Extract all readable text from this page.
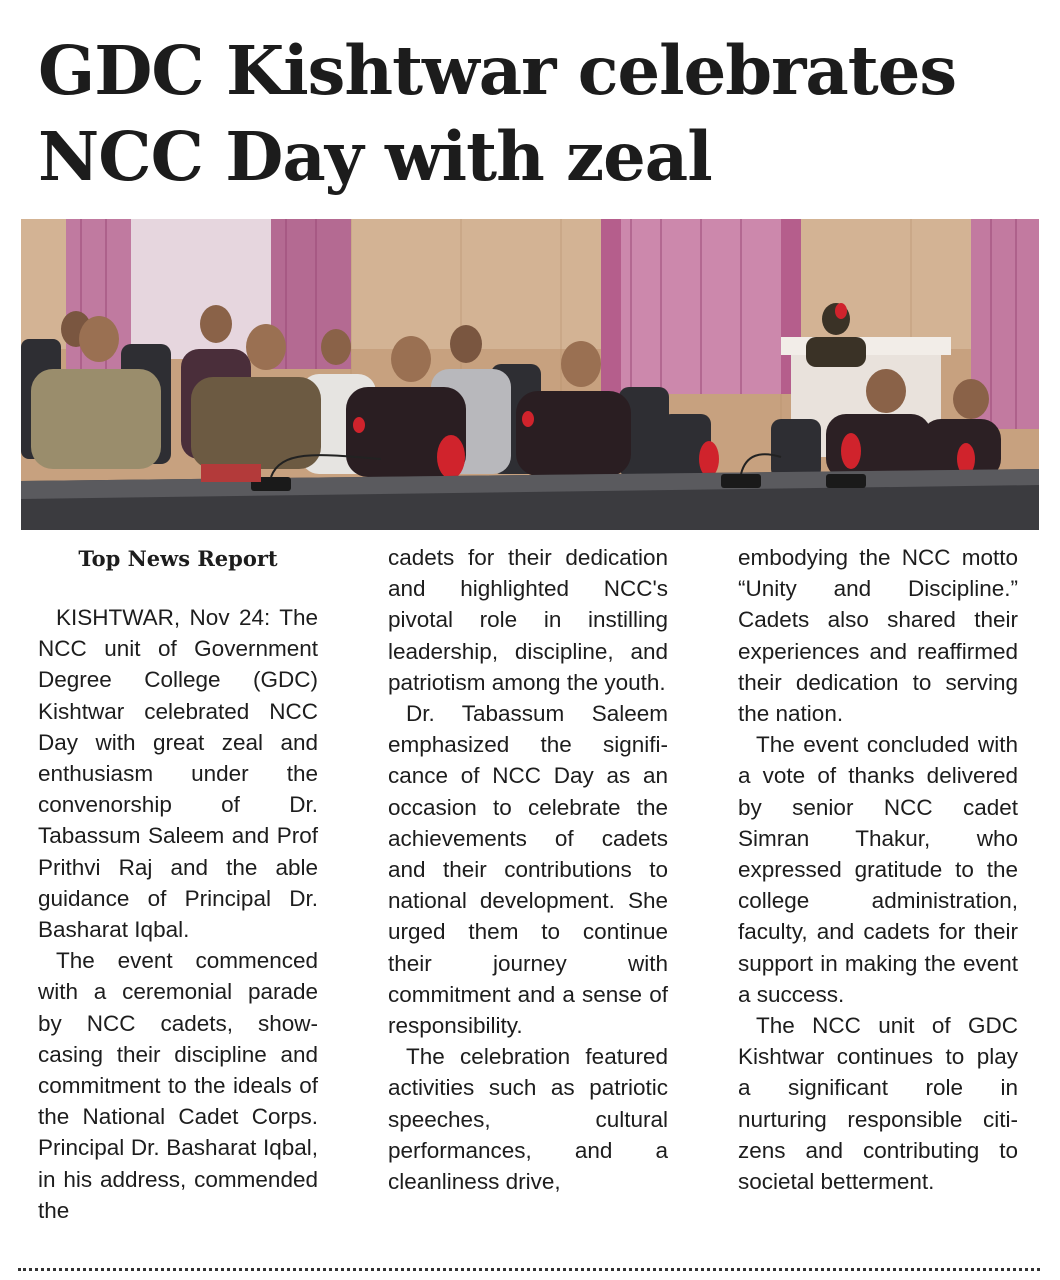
GDC Kishtwar celebrates
NCC Day with zeal
Top News Report

KISHTWAR, Nov 24: The NCC unit of Government Degree College (GDC) Kishtwar celebrated NCC Day with great zeal and enthusiasm under the convenorship of Dr. Tabassum Saleem and Prof Prithvi Raj and the able guidance of Principal Dr. Basharat Iqbal.

The event commenced with a ceremonial parade by NCC cadets, showcasing their discipline and commitment to the ideals of the National Cadet Corps. Principal Dr. Basharat Iqbal, in his address, commended the

cadets for their dedication and highlighted NCC's pivotal role in instilling leadership, discipline, and patriotism among the youth.

Dr. Tabassum Saleem emphasized the significance of NCC Day as an occasion to celebrate the achievements of cadets and their contributions to national development. She urged them to continue their journey with commitment and a sense of responsibility.

The celebration featured activities such as patriotic speeches, cultural performances, and a cleanliness drive,

embodying the NCC motto “Unity and Discipline.” Cadets also shared their experiences and reaffirmed their dedication to serving the nation.

The event concluded with a vote of thanks delivered by senior NCC cadet Simran Thakur, who expressed gratitude to the college administration, faculty, and cadets for their support in making the event a success.

The NCC unit of GDC Kishtwar continues to play a significant role in nurturing responsible citizens and contributing to societal betterment.
